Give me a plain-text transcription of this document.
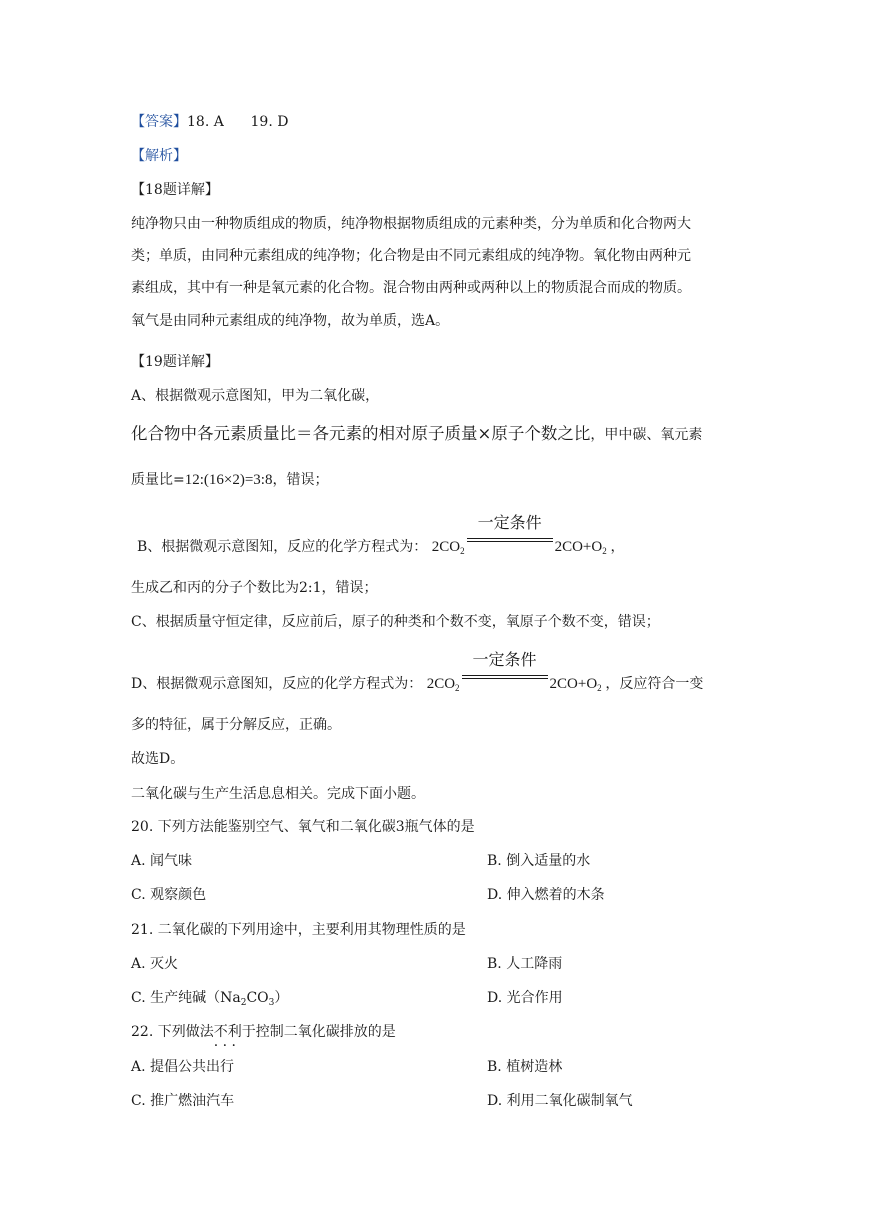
【答案】18. A      19. D
【解析】
【18题详解】
纯净物只由一种物质组成的物质，纯净物根据物质组成的元素种类，分为单质和化合物两大
类；单质，由同种元素组成的纯净物；化合物是由不同元素组成的纯净物。氧化物由两种元
素组成，其中有一种是氧元素的化合物。混合物由两种或两种以上的物质混合而成的物质。
氧气是由同种元素组成的纯净物，故为单质，选A。
【19题详解】
A、根据微观示意图知，甲为二氧化碳，
化合物中各元素质量比＝各元素的相对原子质量×原子个数之比，甲中碳、氧元素
质量比=12:(16×2)=3:8，错误；
B、根据微观示意图知，反应的化学方程式为： $2CO_2$
一定条件
$2CO+O_2$ ，
生成乙和丙的分子个数比为2:1，错误；
C、根据质量守恒定律，反应前后，原子的种类和个数不变，氧原子个数不变，错误；
D、根据微观示意图知，反应的化学方程式为： $2CO_2$
一定条件
$2CO+O_2$ ，反应符合一变
多的特征，属于分解反应，正确。
故选D。
二氧化碳与生产生活息息相关。完成下面小题。
20. 下列方法能鉴别空气、氧气和二氧化碳3瓶气体的是
A. 闻气味	B. 倒入适量的水
C. 观察颜色	D. 伸入燃着的木条
21. 二氧化碳的下列用途中，主要利用其物理性质的是
A. 灭火	B. 人工降雨
C. 生产纯碱$(Na_2CO_3)$	D. 光合作用
22. 下列做法不利于 · · ·控制二氧化碳排放的是
A. 提倡公共出行	B. 植树造林
C. 推广燃油汽车	D. 利用二氧化碳制氧气
